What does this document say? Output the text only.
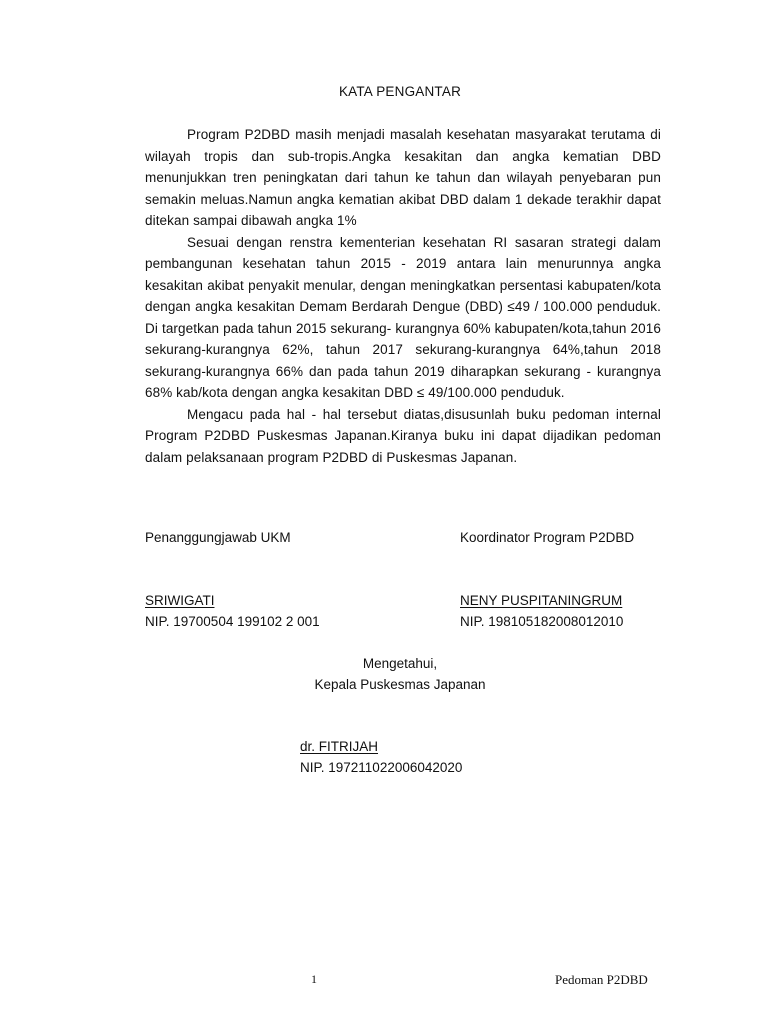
KATA PENGANTAR

Program P2DBD masih menjadi masalah kesehatan masyarakat terutama di wilayah tropis dan sub-tropis.Angka kesakitan dan angka kematian DBD menunjukkan tren peningkatan dari tahun ke tahun dan wilayah penyebaran pun semakin meluas.Namun angka kematian akibat DBD dalam 1 dekade terakhir dapat ditekan sampai dibawah angka 1%

Sesuai dengan renstra kementerian kesehatan RI sasaran strategi dalam pembangunan kesehatan tahun 2015 - 2019 antara lain menurunnya angka kesakitan akibat penyakit menular, dengan meningkatkan persentasi kabupaten/kota dengan angka kesakitan Demam Berdarah Dengue (DBD) ≤49 / 100.000 penduduk. Di targetkan pada tahun 2015 sekurang- kurangnya 60% kabupaten/kota,tahun 2016 sekurang-kurangnya 62%, tahun 2017 sekurang-kurangnya 64%,tahun 2018 sekurang-kurangnya 66% dan pada tahun 2019 diharapkan sekurang - kurangnya 68% kab/kota dengan angka kesakitan DBD ≤ 49/100.000 penduduk.

Mengacu pada hal - hal tersebut diatas,disusunlah buku pedoman internal Program P2DBD Puskesmas Japanan.Kiranya buku ini dapat dijadikan pedoman dalam pelaksanaan program P2DBD di Puskesmas Japanan.

Penanggungjawab UKM
SRIWIGATI
NIP. 19700504 199102 2 001
Koordinator Program P2DBD
NENY PUSPITANINGRUM
NIP. 198105182008012010
Mengetahui,
Kepala Puskesmas Japanan
dr. FITRIJAH
NIP. 197211022006042020
1	Pedoman P2DBD
